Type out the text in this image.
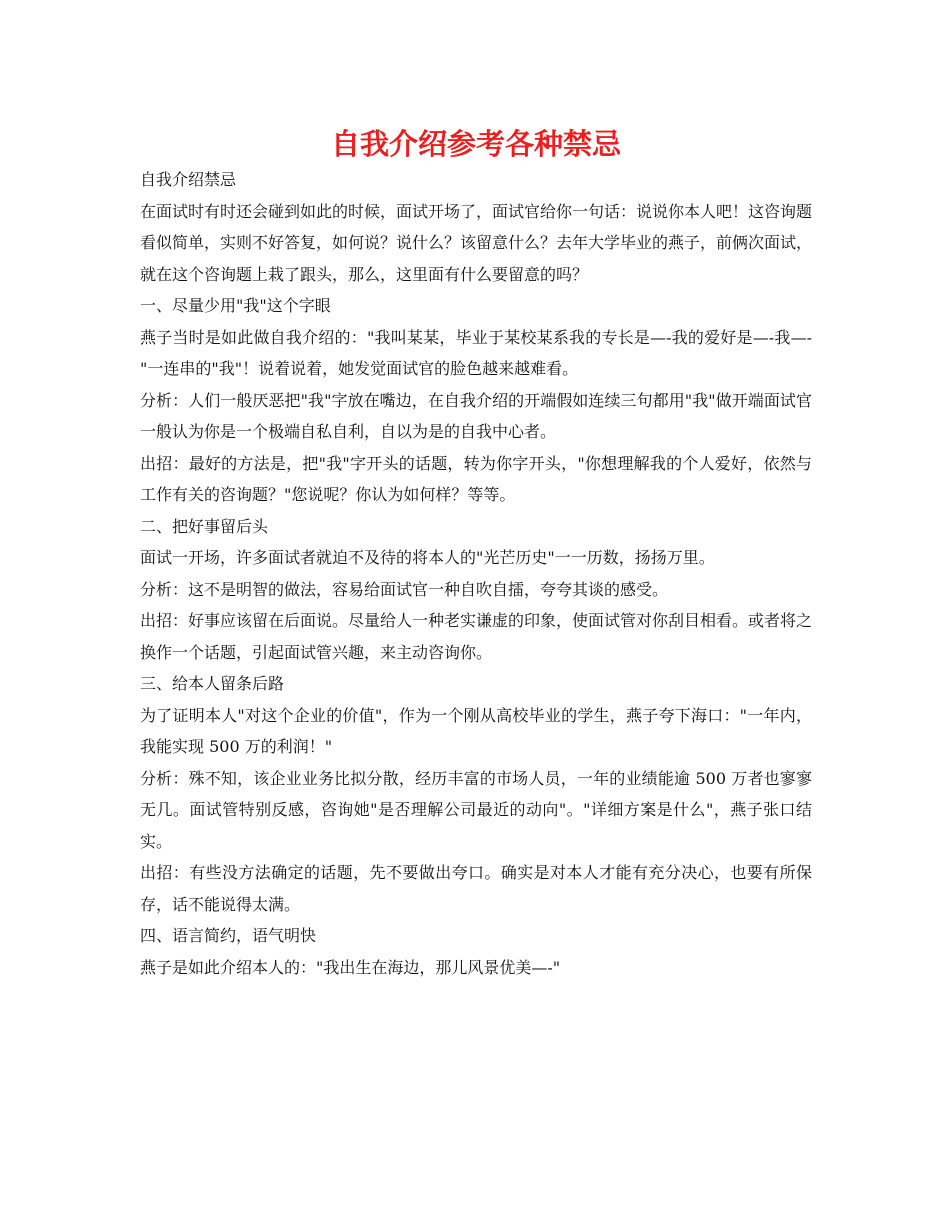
自我介绍参考各种禁忌

自我介绍禁忌

在面试时有时还会碰到如此的时候，面试开场了，面试官给你一句话：说说你本人吧！这咨询题看似简单，实则不好答复，如何说？说什么？该留意什么？去年大学毕业的燕子，前俩次面试，就在这个咨询题上栽了跟头，那么，这里面有什么要留意的吗？

一、尽量少用"我"这个字眼

燕子当时是如此做自我介绍的："我叫某某，毕业于某校某系我的专长是—-我的爱好是—-我—-"一连串的"我"！说着说着，她发觉面试官的脸色越来越难看。

分析：人们一般厌恶把"我"字放在嘴边，在自我介绍的开端假如连续三句都用"我"做开端面试官一般认为你是一个极端自私自利，自以为是的自我中心者。

出招：最好的方法是，把"我"字开头的话题，转为你字开头，"你想理解我的个人爱好，依然与工作有关的咨询题？"您说呢？你认为如何样？等等。

二、把好事留后头

面试一开场，许多面试者就迫不及待的将本人的"光芒历史"一一历数，扬扬万里。

分析：这不是明智的做法，容易给面试官一种自吹自擂，夸夸其谈的感受。

出招：好事应该留在后面说。尽量给人一种老实谦虚的印象，使面试管对你刮目相看。或者将之换作一个话题，引起面试管兴趣，来主动咨询你。

三、给本人留条后路

为了证明本人"对这个企业的价值"，作为一个刚从高校毕业的学生，燕子夸下海口："一年内，我能实现 500 万的利润！"

分析：殊不知，该企业业务比拟分散，经历丰富的市场人员，一年的业绩能逾 500 万者也寥寥无几。面试管特别反感，咨询她"是否理解公司最近的动向"。"详细方案是什么"，燕子张口结实。

出招：有些没方法确定的话题，先不要做出夸口。确实是对本人才能有充分决心，也要有所保存，话不能说得太满。

四、语言简约，语气明快

燕子是如此介绍本人的："我出生在海边，那儿风景优美—-"
